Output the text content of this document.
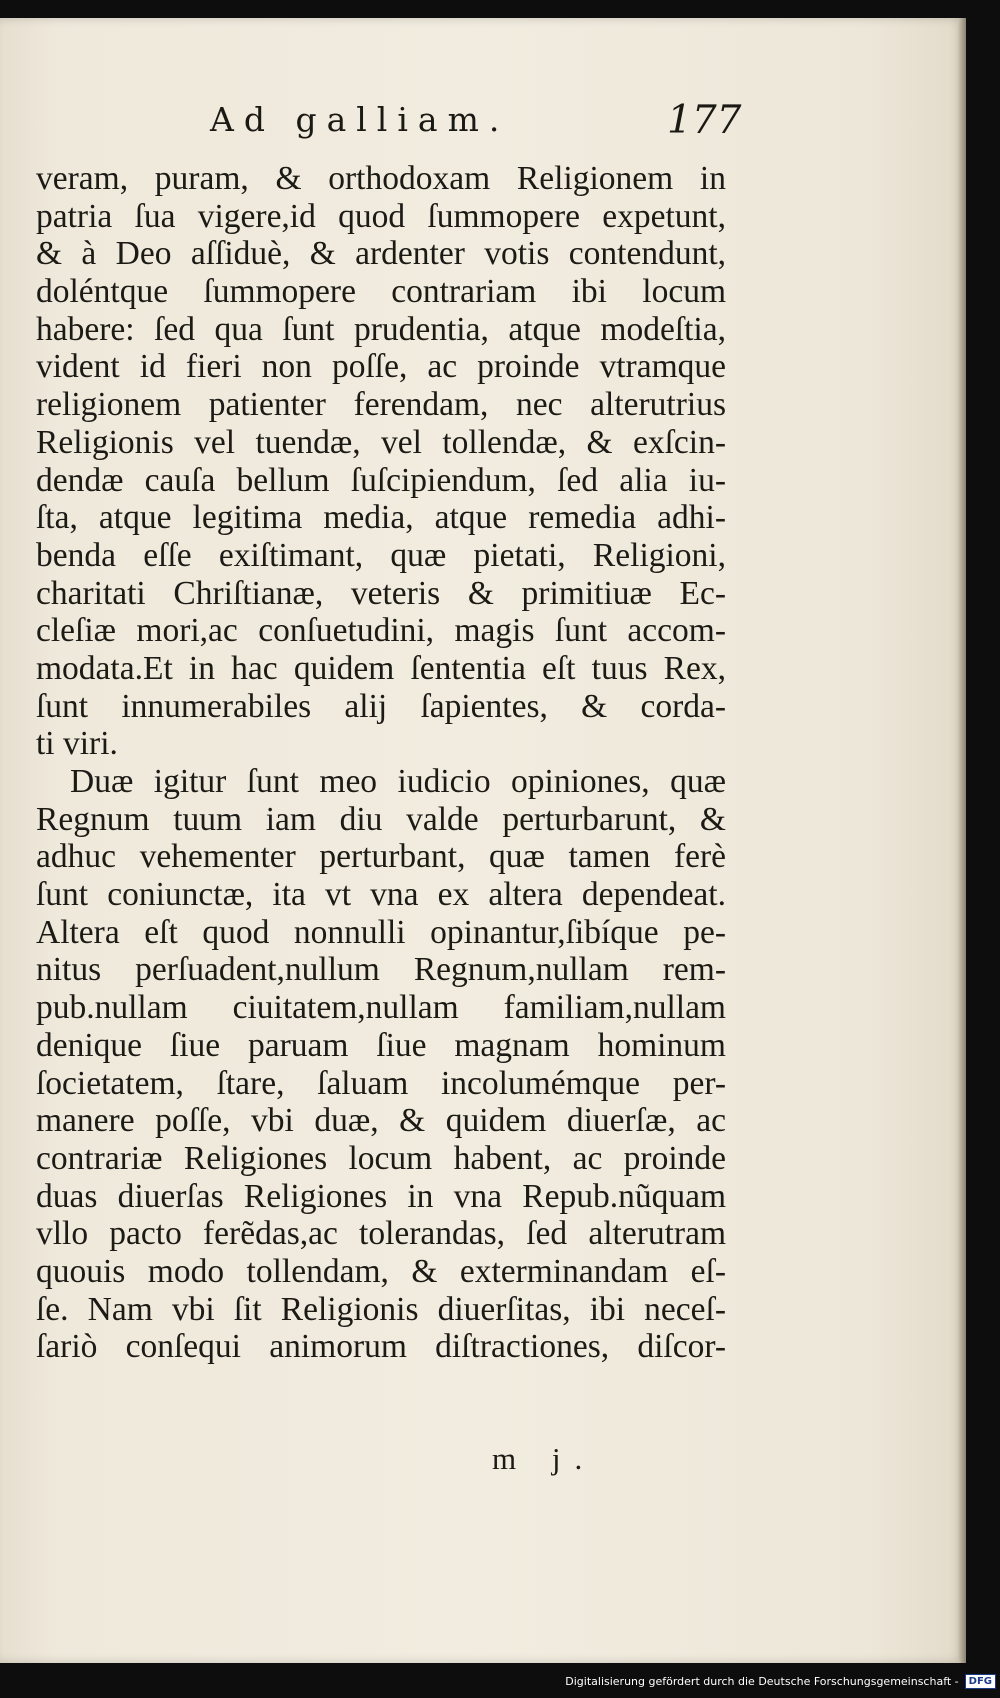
Ad galliam.	177
veram, puram, & orthodoxam Religionem in
patria ſua vigere,id quod ſummopere expetunt,
& à Deo aſſiduè, & ardenter votis contendunt,
doléntque ſummopere contrariam ibi locum
habere: ſed qua ſunt prudentia, atque modeſtia,
vident id fieri non poſſe, ac proinde vtramque
religionem patienter ferendam, nec alterutrius
Religionis vel tuendæ, vel tollendæ, & exſcin-
dendæ cauſa bellum ſuſcipiendum, ſed alia iu-
ſta, atque legitima media, atque remedia adhi-
benda eſſe exiſtimant, quæ pietati, Religioni,
charitati Chriſtianæ, veteris & primitiuæ Ec-
cleſiæ mori,ac conſuetudini, magis ſunt accom-
modata.Et in hac quidem ſententia eſt tuus Rex,
ſunt innumerabiles alij ſapientes, & corda-
ti viri.
Duæ igitur ſunt meo iudicio opiniones, quæ
Regnum tuum iam diu valde perturbarunt, &
adhuc vehementer perturbant, quæ tamen ferè
ſunt coniunctæ, ita vt vna ex altera dependeat.
Altera eſt quod nonnulli opinantur,ſibíque pe-
nitus perſuadent,nullum Regnum,nullam rem-
pub.nullam ciuitatem,nullam familiam,nullam
denique ſiue paruam ſiue magnam hominum
ſocietatem, ſtare, ſaluam incolumémque per-
manere poſſe, vbi duæ, & quidem diuerſæ, ac
contrariæ Religiones locum habent, ac proinde
duas diuerſas Religiones in vna Repub.nũquam
vllo pacto ferẽdas,ac tolerandas, ſed alterutram
quouis modo tollendam, & exterminandam eſ-
ſe. Nam vbi ſit Religionis diuerſitas, ibi neceſ-
ſariò conſequi animorum diſtractiones, diſcor-
m j.
Digitalisierung gefördert durch die Deutsche Forschungsgemeinschaft -	DFG
